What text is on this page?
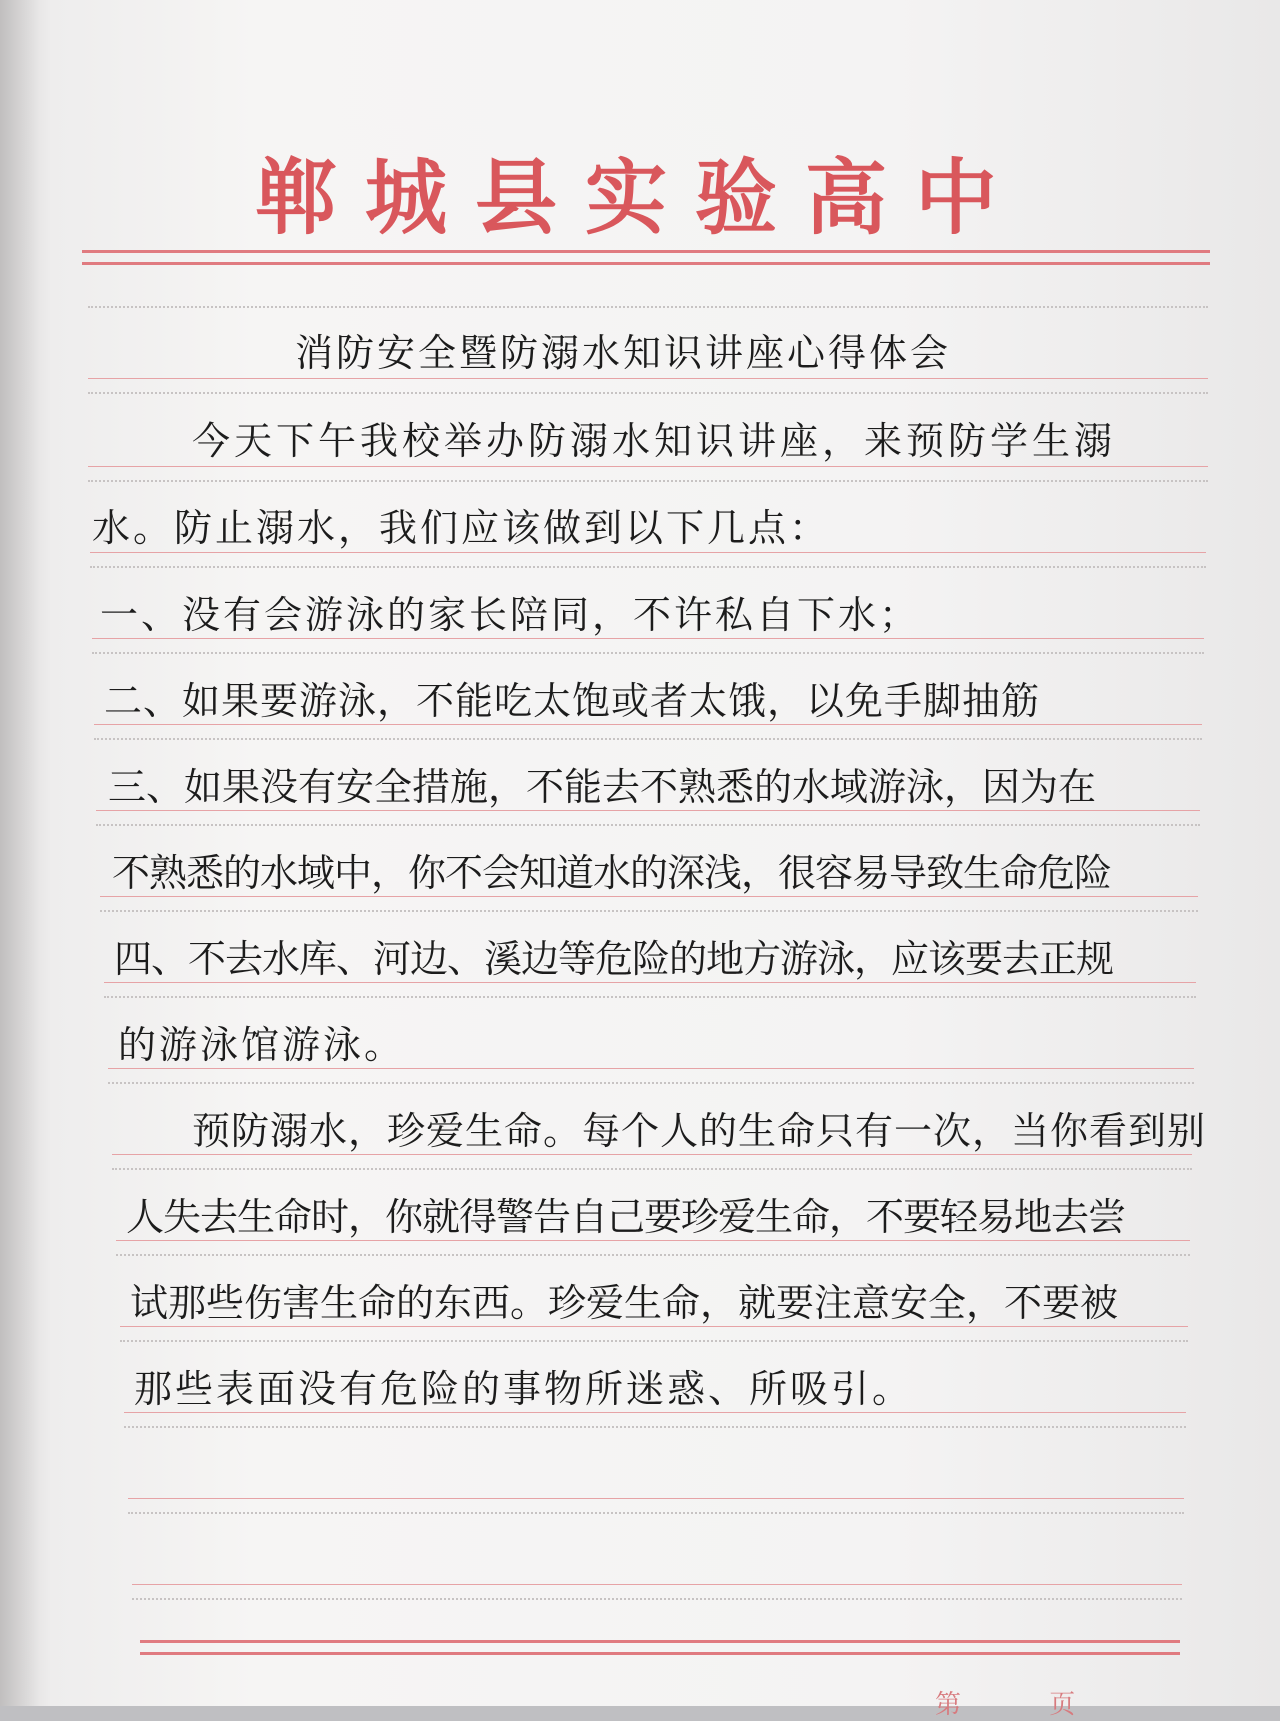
郸城县实验高中
消防安全暨防溺水知识讲座心得体会
今天下午我校举办防溺水知识讲座，来预防学生溺
水。防止溺水，我们应该做到以下几点：
一、没有会游泳的家长陪同，不许私自下水；
二、如果要游泳，不能吃太饱或者太饿，以免手脚抽筋
三、如果没有安全措施，不能去不熟悉的水域游泳，因为在
不熟悉的水域中，你不会知道水的深浅，很容易导致生命危险
四、不去水库、河边、溪边等危险的地方游泳，应该要去正规
的游泳馆游泳。
预防溺水，珍爱生命。每个人的生命只有一次，当你看到别
人失去生命时，你就得警告自己要珍爱生命，不要轻易地去尝
试那些伤害生命的东西。珍爱生命，就要注意安全，不要被
那些表面没有危险的事物所迷惑、所吸引。
第 页
